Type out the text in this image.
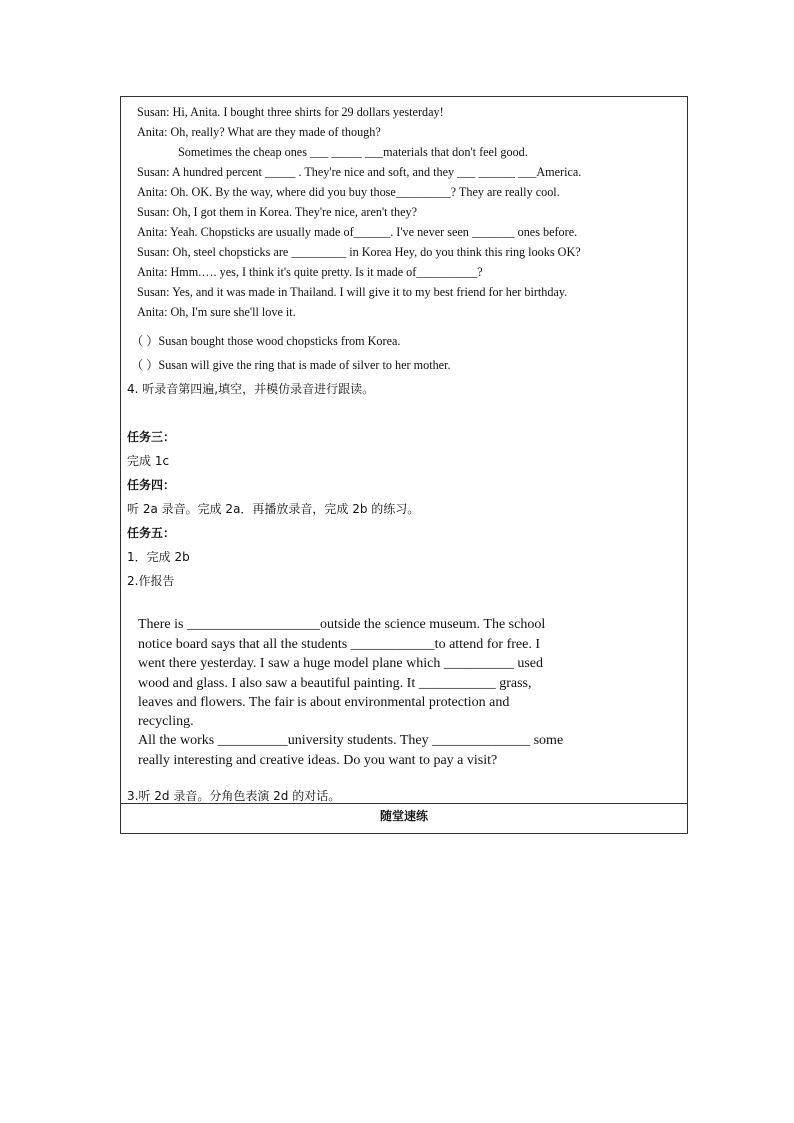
Susan: Hi, Anita. I bought three shirts for 29 dollars yesterday!
Anita: Oh, really? What are they made of though?
Sometimes the cheap ones ___ _____ ___materials that don't feel good.
Susan: A hundred percent _____ . They're nice and soft, and they ___ ______ ___America.
Anita: Oh. OK. By the way, where did you buy those_________? They are really cool.
Susan: Oh, I got them in Korea. They're nice, aren't they?
Anita: Yeah. Chopsticks are usually made of______. I've never seen _______ ones before.
Susan: Oh, steel chopsticks are _________ in Korea Hey, do you think this ring looks OK?
Anita: Hmm.…. yes, I think it's quite pretty. Is it made of__________?
Susan: Yes, and it was made in Thailand. I will give it to my best friend for her birthday.
Anita: Oh, I'm sure she'll love it.
（ ）Susan bought those wood chopsticks from Korea.
（ ）Susan will give the ring that is made of silver to her mother.
4. 听录音第四遍,填空，并模仿录音进行跟读。
任务三：
完成 1c
任务四：
听 2a 录音。完成 2a．再播放录音，完成 2b 的练习。
任务五：
1．完成 2b
2.作报告
There is ___________________outside the science museum. The school
notice board says that all the students ____________to attend for free. I
went there yesterday. I saw a huge model plane which __________ used
wood and glass. I also saw a beautiful painting. It ___________ grass,
leaves and flowers. The fair is about environmental protection and
recycling.
All the works __________university students. They ______________ some
really interesting and creative ideas. Do you want to pay a visit?
3.听 2d 录音。分角色表演 2d 的对话。
随堂速练
